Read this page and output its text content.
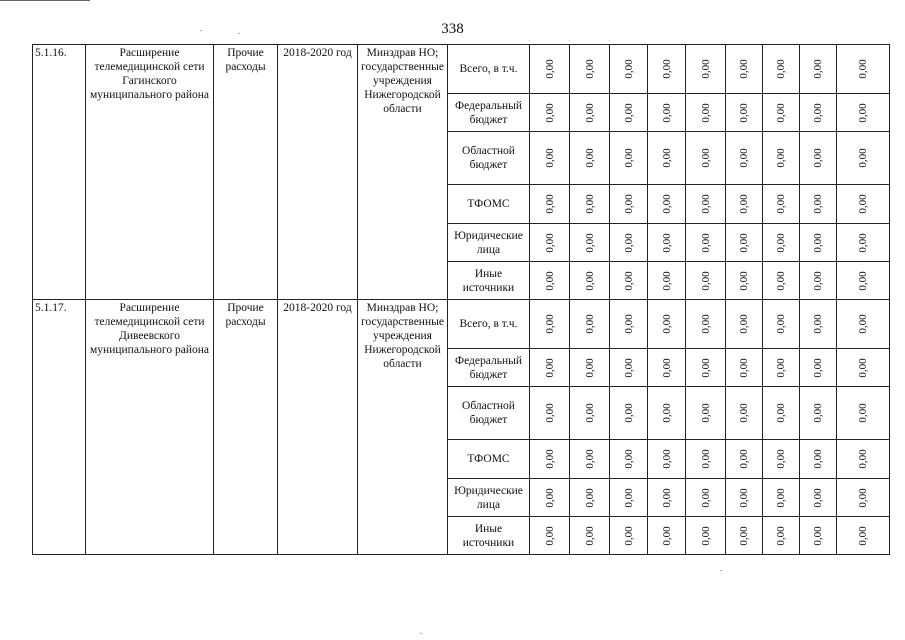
338
5.1.16.	Расширение телемедицинской сети Гагинского муниципального района	Прочие расходы	2018-2020 год	Минздрав НО; государственные учреждения Нижегородской области	Всего, в т.ч.	0,00	0,00	0,00	0,00	0,00	0,00	0,00	0,00	0,00

					Федеральный бюджет	0,00	0,00	0,00	0,00	0,00	0,00	0,00	0,00	0,00

					Областной бюджет	0,00	0,00	0,00	0,00	0,00	0,00	0,00	0,00	0,00

					ТФОМС	0,00	0,00	0,00	0,00	0,00	0,00	0,00	0,00	0,00

					Юридические лица	0,00	0,00	0,00	0,00	0,00	0,00	0,00	0,00	0,00

					Иные источники	0,00	0,00	0,00	0,00	0,00	0,00	0,00	0,00	0,00

5.1.17.	Расширение телемедицинской сети Дивеевского муниципального района	Прочие расходы	2018-2020 год	Минздрав НО; государственные учреждения Нижегородской области	Всего, в т.ч.	0,00	0,00	0,00	0,00	0,00	0,00	0,00	0,00	0,00

					Федеральный бюджет	0,00	0,00	0,00	0,00	0,00	0,00	0,00	0,00	0,00

					Областной бюджет	0,00	0,00	0,00	0,00	0,00	0,00	0,00	0,00	0,00

					ТФОМС	0,00	0,00	0,00	0,00	0,00	0,00	0,00	0,00	0,00

					Юридические лица	0,00	0,00	0,00	0,00	0,00	0,00	0,00	0,00	0,00

					Иные источники	0,00	0,00	0,00	0,00	0,00	0,00	0,00	0,00	0,00
